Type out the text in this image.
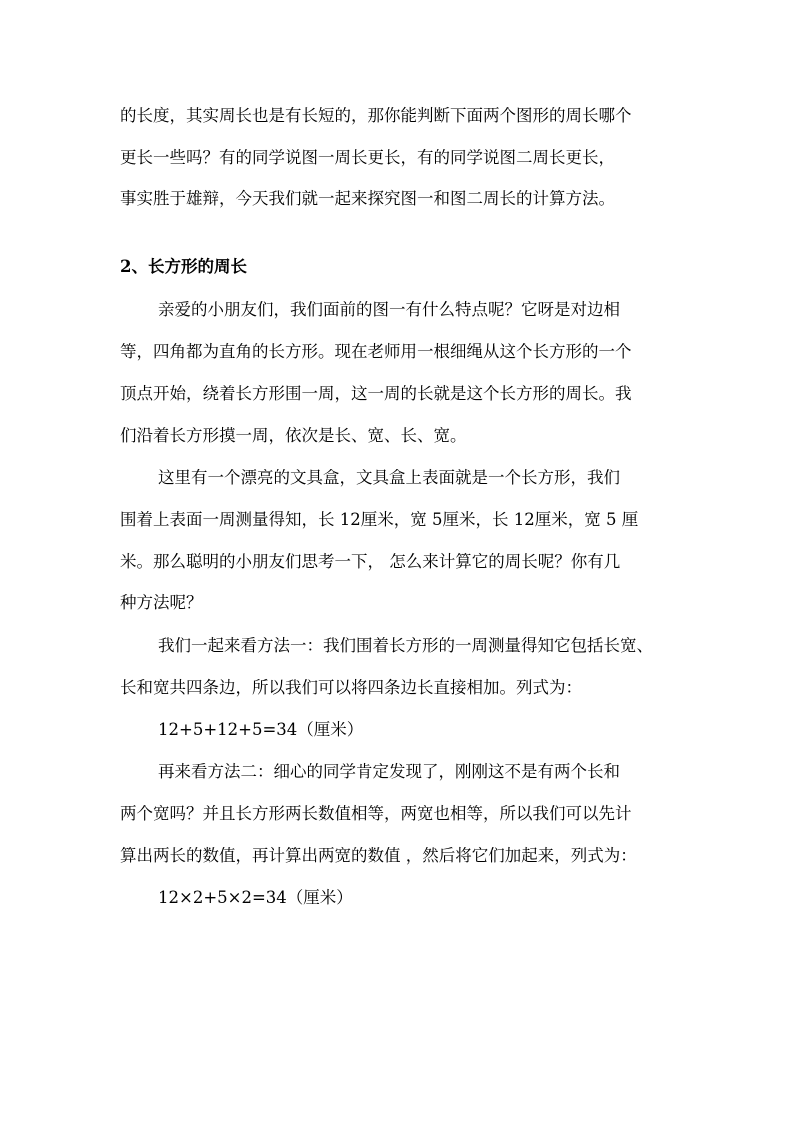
的长度，其实周长也是有长短的，那你能判断下面两个图形的周长哪个
更长一些吗？有的同学说图一周长更长，有的同学说图二周长更长，
事实胜于雄辩，今天我们就一起来探究图一和图二周长的计算方法。
2、长方形的周长
亲爱的小朋友们，我们面前的图一有什么特点呢？它呀是对边相
等，四角都为直角的长方形。现在老师用一根细绳从这个长方形的一个
顶点开始，绕着长方形围一周，这一周的长就是这个长方形的周长。我
们沿着长方形摸一周，依次是长、宽、长、宽。
这里有一个漂亮的文具盒，文具盒上表面就是一个长方形，我们
围着上表面一周测量得知，长 12厘米，宽 5厘米，长 12厘米，宽 5 厘
米。那么聪明的小朋友们思考一下， 怎么来计算它的周长呢？你有几
种方法呢？
我们一起来看方法一：我们围着长方形的一周测量得知它包括长宽、
长和宽共四条边，所以我们可以将四条边长直接相加。列式为：
12+5+12+5=34（厘米）
再来看方法二：细心的同学肯定发现了，刚刚这不是有两个长和
两个宽吗？并且长方形两长数值相等，两宽也相等，所以我们可以先计
算出两长的数值，再计算出两宽的数值 ，然后将它们加起来，列式为：
12×2+5×2=34（厘米）
